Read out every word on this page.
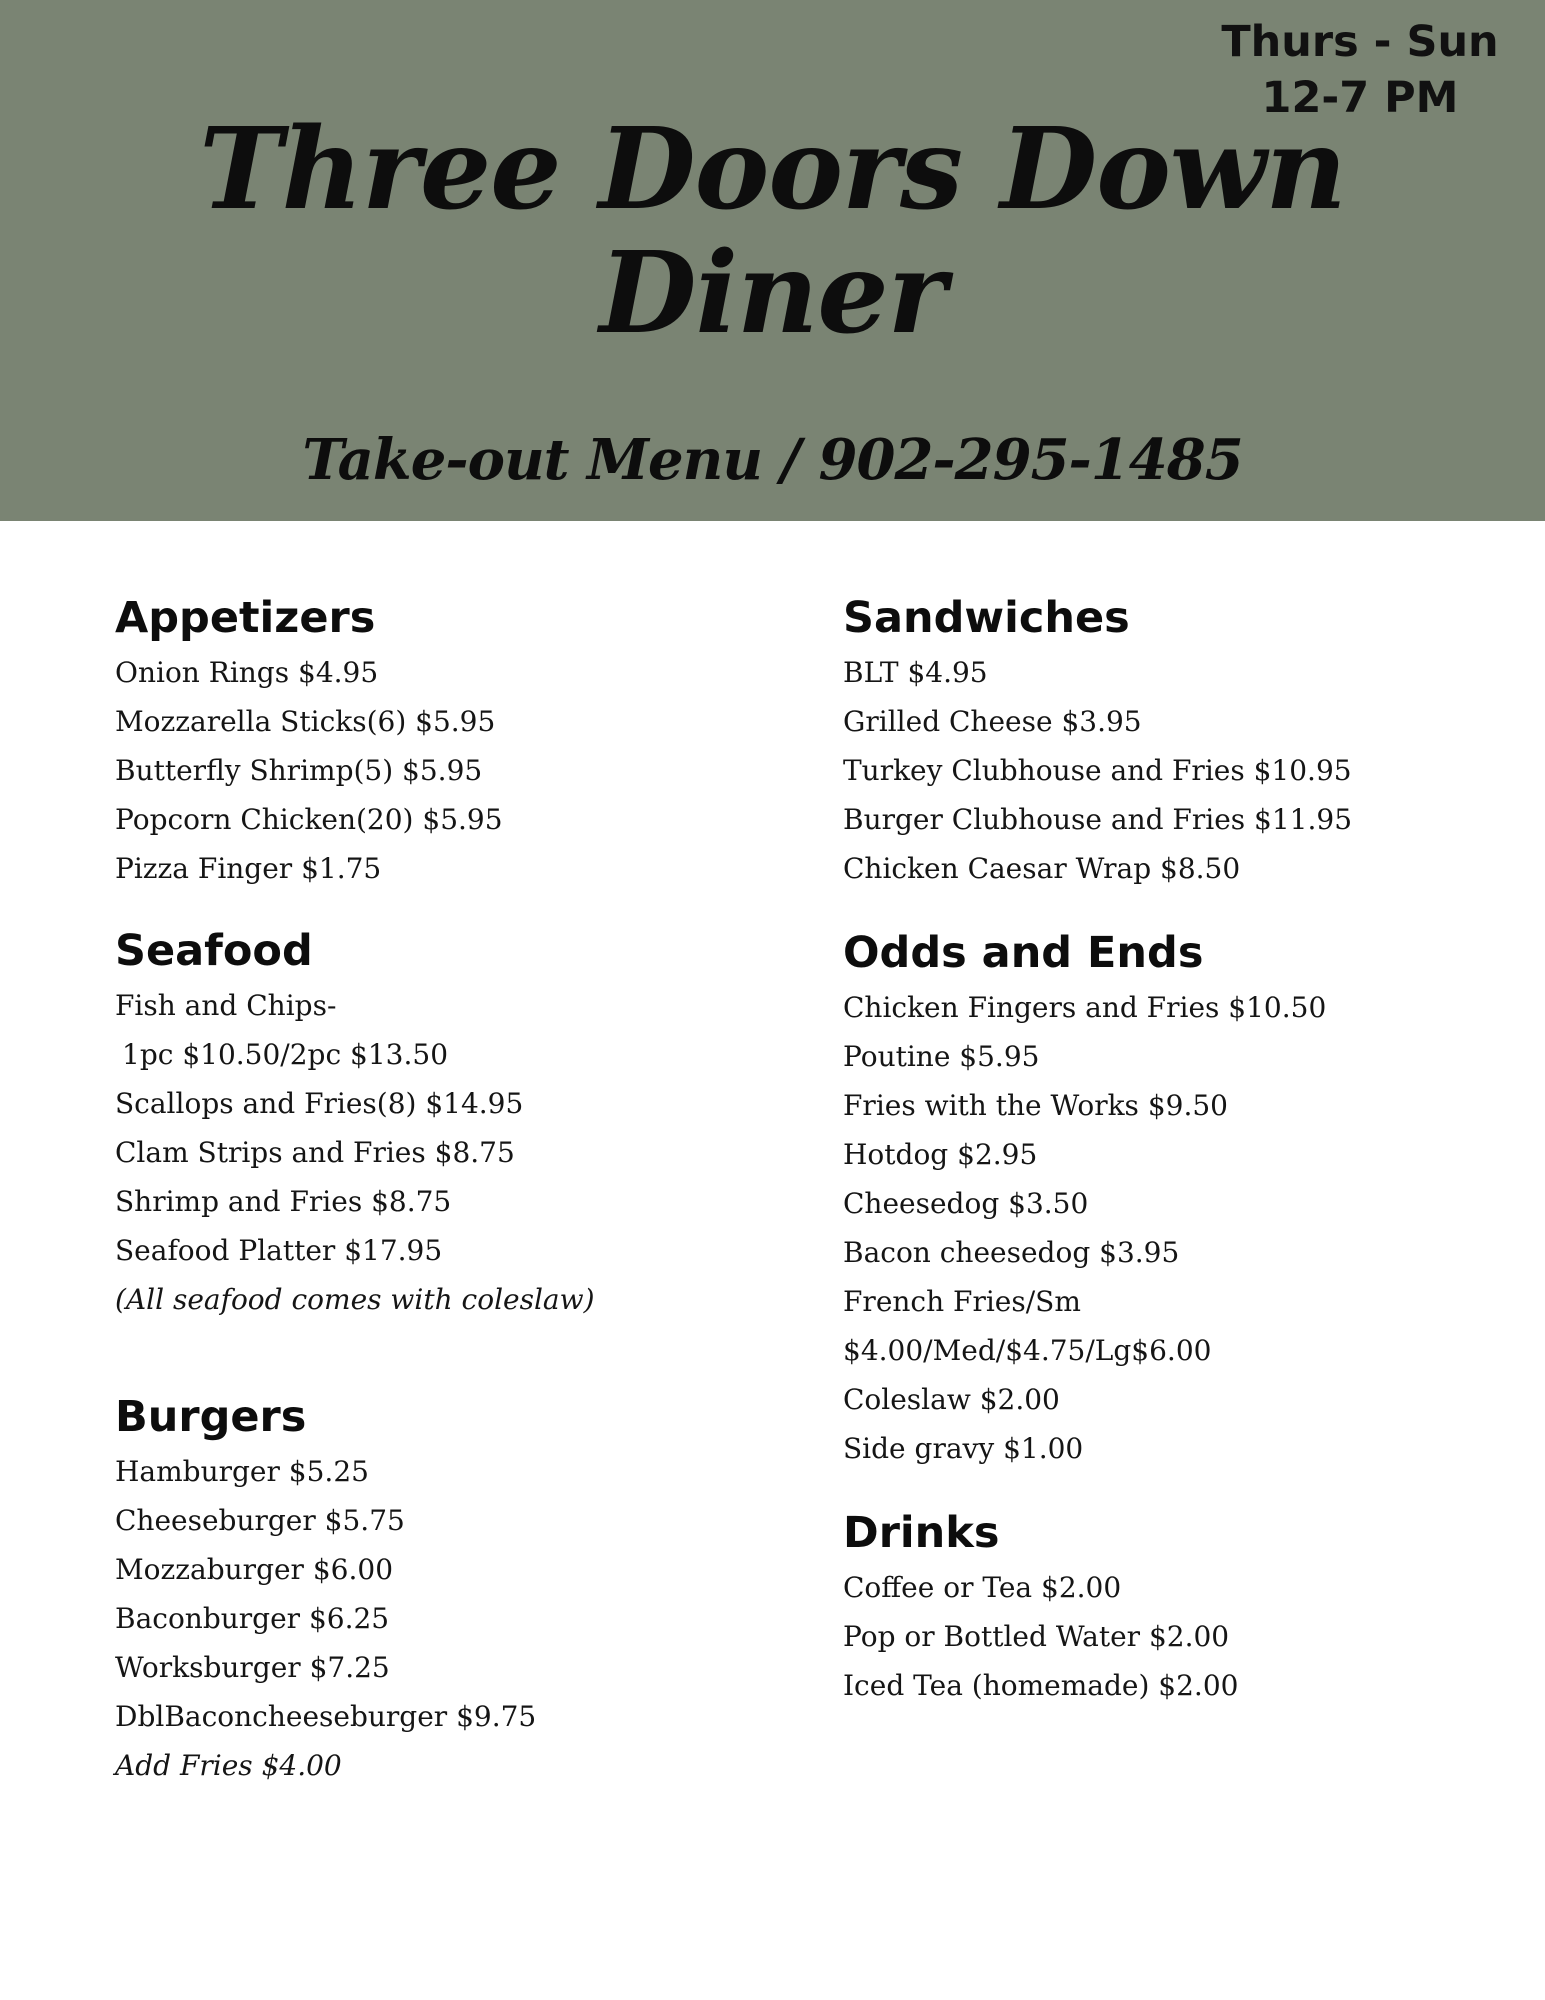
Thurs - Sun
12-7 PM
Three Doors Down
Diner
Take-out Menu / 902-295-1485
Appetizers
Onion Rings $4.95
Mozzarella Sticks(6) $5.95
Butterfly Shrimp(5) $5.95
Popcorn Chicken(20) $5.95
Pizza Finger $1.75
Seafood
Fish and Chips-
1pc $10.50/2pc $13.50
Scallops and Fries(8) $14.95
Clam Strips and Fries $8.75
Shrimp and Fries $8.75
Seafood Platter $17.95
(All seafood comes with coleslaw)
Burgers
Hamburger $5.25
Cheeseburger $5.75
Mozzaburger $6.00
Baconburger $6.25
Worksburger $7.25
DblBaconcheeseburger $9.75
Add Fries $4.00
Sandwiches
BLT $4.95
Grilled Cheese $3.95
Turkey Clubhouse and Fries $10.95
Burger Clubhouse and Fries $11.95
Chicken Caesar Wrap $8.50
Odds and Ends
Chicken Fingers and Fries $10.50
Poutine $5.95
Fries with the Works $9.50
Hotdog $2.95
Cheesedog $3.50
Bacon cheesedog $3.95
French Fries/Sm
$4.00/Med/$4.75/Lg$6.00
Coleslaw $2.00
Side gravy $1.00
Drinks
Coffee or Tea $2.00
Pop or Bottled Water $2.00
Iced Tea (homemade) $2.00
